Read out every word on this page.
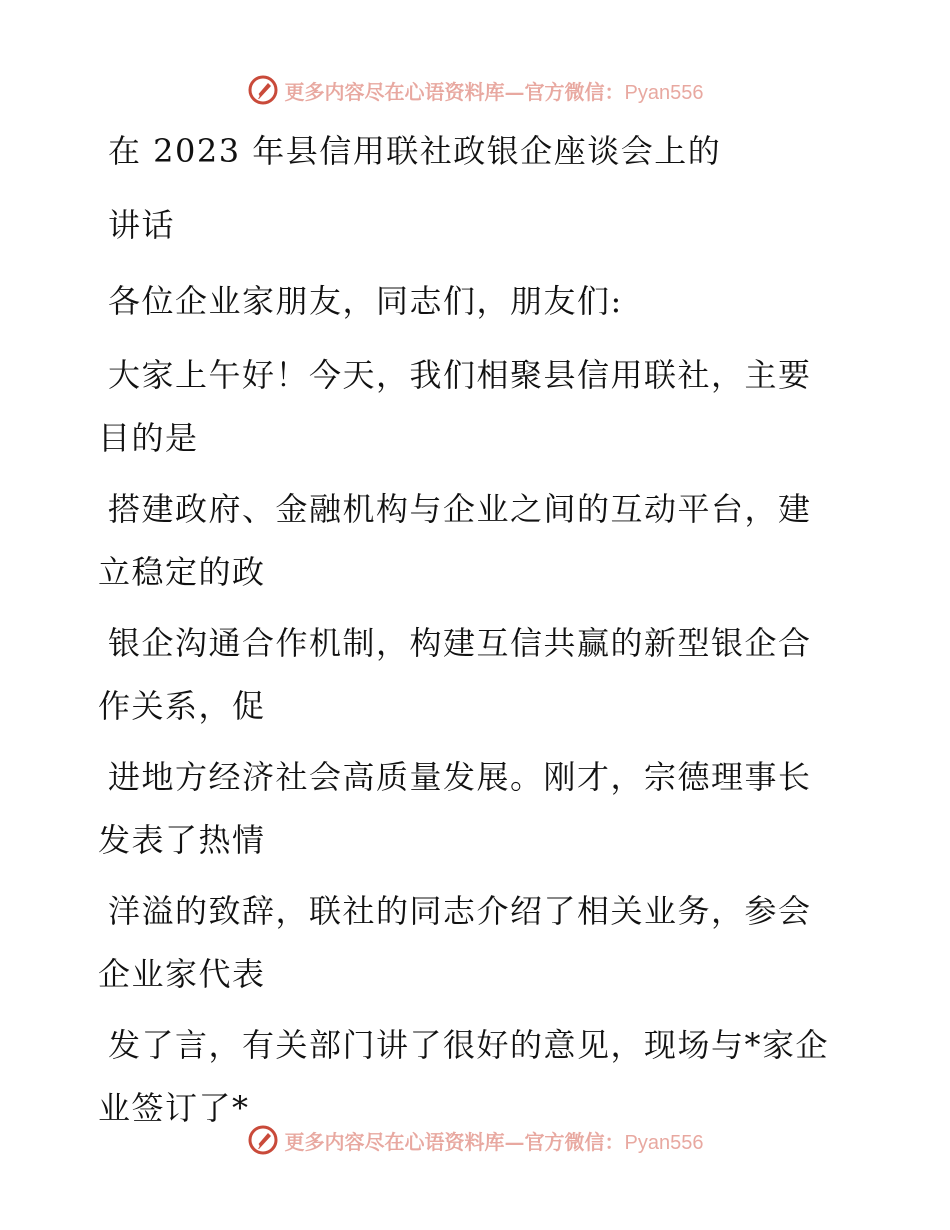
更多内容尽在心语资料库—官方微信：Pyan556
在 2023 年县信用联社政银企座谈会上的
讲话
各位企业家朋友，同志们，朋友们:
大家上午好！今天，我们相聚县信用联社，主要
目的是
搭建政府、金融机构与企业之间的互动平台，建
立稳定的政
银企沟通合作机制，构建互信共赢的新型银企合
作关系，促
进地方经济社会高质量发展。刚才，宗德理事长
发表了热情
洋溢的致辞，联社的同志介绍了相关业务，参会
企业家代表
发了言，有关部门讲了很好的意见，现场与*家企
业签订了*
更多内容尽在心语资料库—官方微信：Pyan556
